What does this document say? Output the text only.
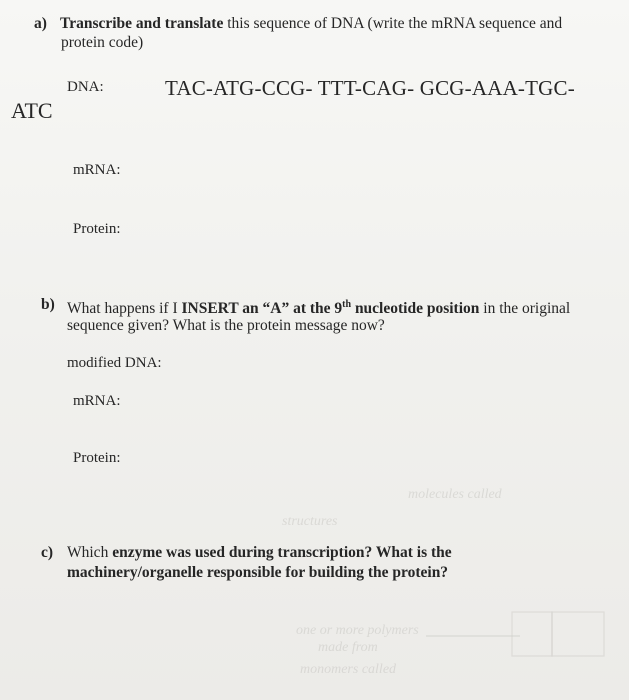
molecules called
structures
one or more polymers
made from
monomers called
a) Transcribe and translate this sequence of DNA (write the mRNA sequence and
protein code)
DNA:	TAC-ATG-CCG- TTT-CAG- GCG-AAA-TGC-
ATC
mRNA:
Protein:
b) What happens if I INSERT an “A” at the 9th nucleotide position in the original
sequence given? What is the protein message now?
modified DNA:
mRNA:
Protein:
c) Which enzyme was used during transcription? What is the
machinery/organelle responsible for building the protein?
